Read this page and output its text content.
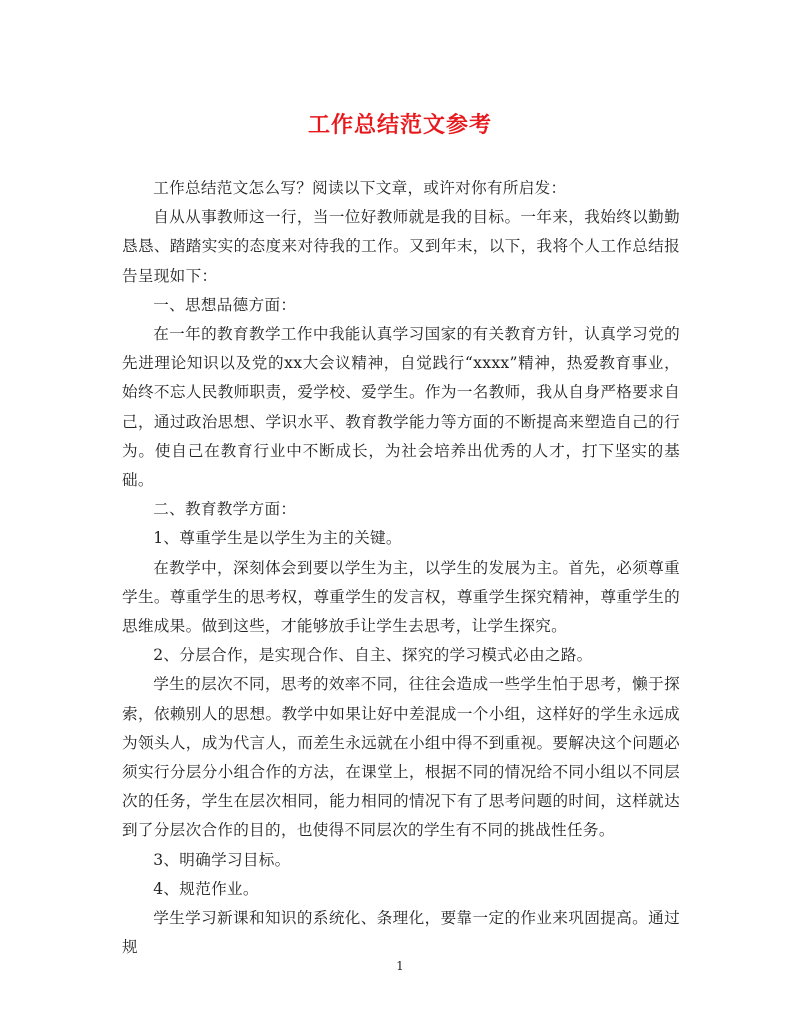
工作总结范文参考

工作总结范文怎么写？阅读以下文章，或许对你有所启发：

自从从事教师这一行，当一位好教师就是我的目标。一年来，我始终以勤勤恳恳、踏踏实实的态度来对待我的工作。又到年末，以下，我将个人工作总结报告呈现如下：

一、思想品德方面：

在一年的教育教学工作中我能认真学习国家的有关教育方针，认真学习党的先进理论知识以及党的xx大会议精神，自觉践行“xxxx”精神，热爱教育事业，始终不忘人民教师职责，爱学校、爱学生。作为一名教师，我从自身严格要求自己，通过政治思想、学识水平、教育教学能力等方面的不断提高来塑造自己的行为。使自己在教育行业中不断成长，为社会培养出优秀的人才，打下坚实的基础。

二、教育教学方面：

1、尊重学生是以学生为主的关键。

在教学中，深刻体会到要以学生为主，以学生的发展为主。首先，必须尊重学生。尊重学生的思考权，尊重学生的发言权，尊重学生探究精神，尊重学生的思维成果。做到这些，才能够放手让学生去思考，让学生探究。

2、分层合作，是实现合作、自主、探究的学习模式必由之路。

学生的层次不同，思考的效率不同，往往会造成一些学生怕于思考，懒于探索，依赖别人的思想。教学中如果让好中差混成一个小组，这样好的学生永远成为领头人，成为代言人，而差生永远就在小组中得不到重视。要解决这个问题必须实行分层分小组合作的方法，在课堂上，根据不同的情况给不同小组以不同层次的任务，学生在层次相同，能力相同的情况下有了思考问题的时间，这样就达到了分层次合作的目的，也使得不同层次的学生有不同的挑战性任务。

3、明确学习目标。

4、规范作业。

学生学习新课和知识的系统化、条理化，要靠一定的作业来巩固提高。通过规

1
